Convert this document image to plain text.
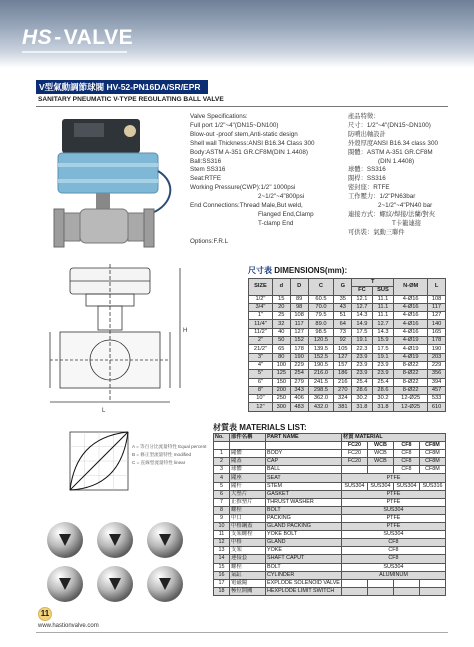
HS-VALVE
V型氣動調節球閥 HV-52-PN16DA/SR/EPR
SANITARY PNEUMATIC V-TYPE REGULATING BALL VALVE
Valve Specifications:
Full port 1/2"~4"(DN15~DN100)
Blow-out -proof stem,Anti-static design
Shell wall Thickness:ANSI B16.34 Class 300
Body:ASTM A-351 GR.CF8M(DIN 1.4408)
Ball:SS316
Stem SS316
Seat:RTFE
Working Pressure(CWP):1/2" 1000psi
2~1/2"~4"800psi
End Connections:Thread Male,But weld,
Flanged End,Clamp
T-clamp End
Options:F.R.L
產品特徵：
尺寸：1/2"~4"(DN15~DN100)
防噴出軸設計
外殼厚度ANSI B16.34 class 300
閥體：ASTM A-351 GR.CF8M
(DIN 1.4408)
球體：SS316
閥桿：SS316
密封座：RTFE
工作壓力：1/2"PN63bar
2~1/2"~4"PN40 bar
連接方式：螺紋/焊接/法蘭/對夾
T卡籠連接
可供裝：氣動三聯件
L
H
A = 等百分比流量特性 Equal percent
B = 修正型流量特性 modified
C = 直線型流量特性 linear
尺寸表 DIMENSIONS(mm):
SIZE	d	D	C	G	T		N-ØM	L
					FC	SUS		
1/2"	15	89	60.5	35	12.1	11.1	4-Ø16	108
3/4"	20	98	70.0	43	12.7	11.1	4-Ø16	117
1"	25	108	79.5	51	14.3	11.1	4-Ø16	127
11/4"	32	117	89.0	64	14.9	12.7	4-Ø16	140
11/2"	40	127	98.5	73	17.5	14.3	4-Ø16	165
2"	50	152	120.5	92	19.1	15.9	4-Ø19	178
21/2"	65	178	139.5	105	22.3	17.5	4-Ø19	190
3"	80	190	152.5	127	23.9	19.1	4-Ø19	203
4"	100	229	190.5	157	23.9	23.9	8-Ø22	229
5"	125	254	216.0	186	23.9	23.9	8-Ø22	356
6"	150	279	241.5	216	25.4	25.4	8-Ø22	394
8"	200	343	298.5	270	28.6	28.6	8-Ø22	457
10"	250	406	362.0	324	30.2	30.2	12-Ø25	533
12"	300	483	432.0	381	31.8	31.8	12-Ø25	610
材質表 MATERIALS LIST:
No.	部件名稱	PART NAME	材質 MATERIAL			
			FC20	WCB	CF8	CF8M
1	閥體	BODY	FC20	WCB	CF8	CF8M
2	閥蓋	CAP	FC20	WCB	CF8	CF8M
3	球體	BALL			CF8	CF8M
4	閥座	SEAT	PTFE			
5	閥杆	STEM	SUS304	SUS304	SUS304	SUS316
6	大墊片	GASKET	PTFE			
7	止推墊片	THRUST WASHER	PTFE			
8	螺栓	BOLT	SUS304			
9	中口	PACKING	PTFE			
10	中格鋼蓋	GLAND PACKING	PTFE			
11	支架螺栓	YOKE BOLT	SUS304			
12	中格	GLAND	CF8			
13	支架	YOKE	CF8			
14	連接套	SHAFT CAPUT	CF8			
15	螺栓	BOLT	SUS304			
16	氣缸	CYLINDER	ALUMINUM			
17	電磁閥	EXPLODE SOLENOID VALVE				
18	極位開關	HEXPLODE LIMIT SWITCH				
11
www.hastionvalve.com
